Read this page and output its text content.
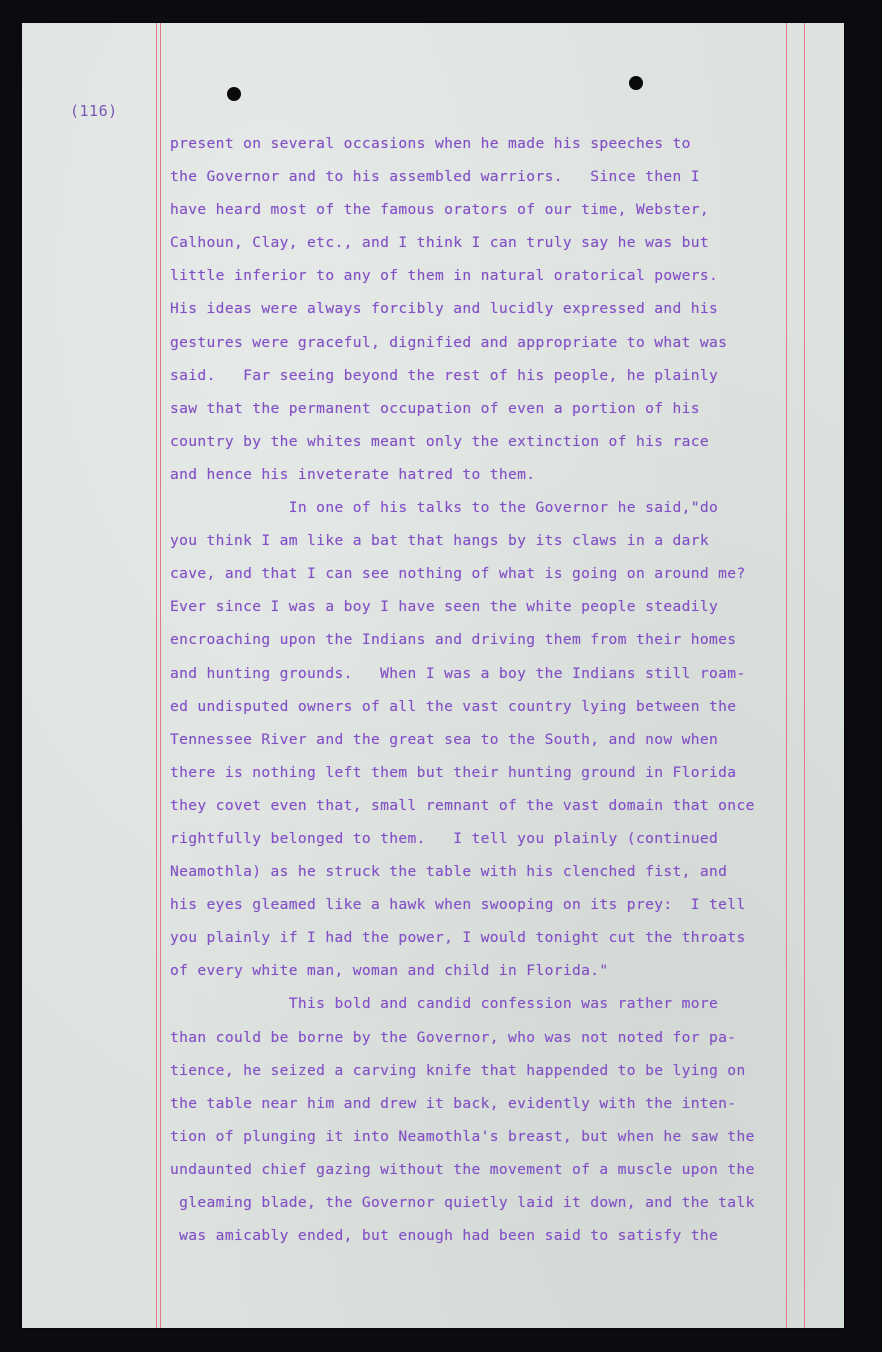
(116)
present on several occasions when he made his speeches to
the Governor and to his assembled warriors.   Since then I
have heard most of the famous orators of our time, Webster,
Calhoun, Clay, etc., and I think I can truly say he was but
little inferior to any of them in natural oratorical powers.
His ideas were always forcibly and lucidly expressed and his
gestures were graceful, dignified and appropriate to what was
said.   Far seeing beyond the rest of his people, he plainly
saw that the permanent occupation of even a portion of his
country by the whites meant only the extinction of his race
and hence his inveterate hatred to them.
In one of his talks to the Governor he said,"do
you think I am like a bat that hangs by its claws in a dark
cave, and that I can see nothing of what is going on around me?
Ever since I was a boy I have seen the white people steadily
encroaching upon the Indians and driving them from their homes
and hunting grounds.   When I was a boy the Indians still roam-
ed undisputed owners of all the vast country lying between the
Tennessee River and the great sea to the South, and now when
there is nothing left them but their hunting ground in Florida
they covet even that, small remnant of the vast domain that once
rightfully belonged to them.   I tell you plainly (continued
Neamothla) as he struck the table with his clenched fist, and
his eyes gleamed like a hawk when swooping on its prey:  I tell
you plainly if I had the power, I would tonight cut the throats
of every white man, woman and child in Florida."
This bold and candid confession was rather more
than could be borne by the Governor, who was not noted for pa-
tience, he seized a carving knife that happended to be lying on
the table near him and drew it back, evidently with the inten-
tion of plunging it into Neamothla's breast, but when he saw the
undaunted chief gazing without the movement of a muscle upon the
gleaming blade, the Governor quietly laid it down, and the talk
was amicably ended, but enough had been said to satisfy the
